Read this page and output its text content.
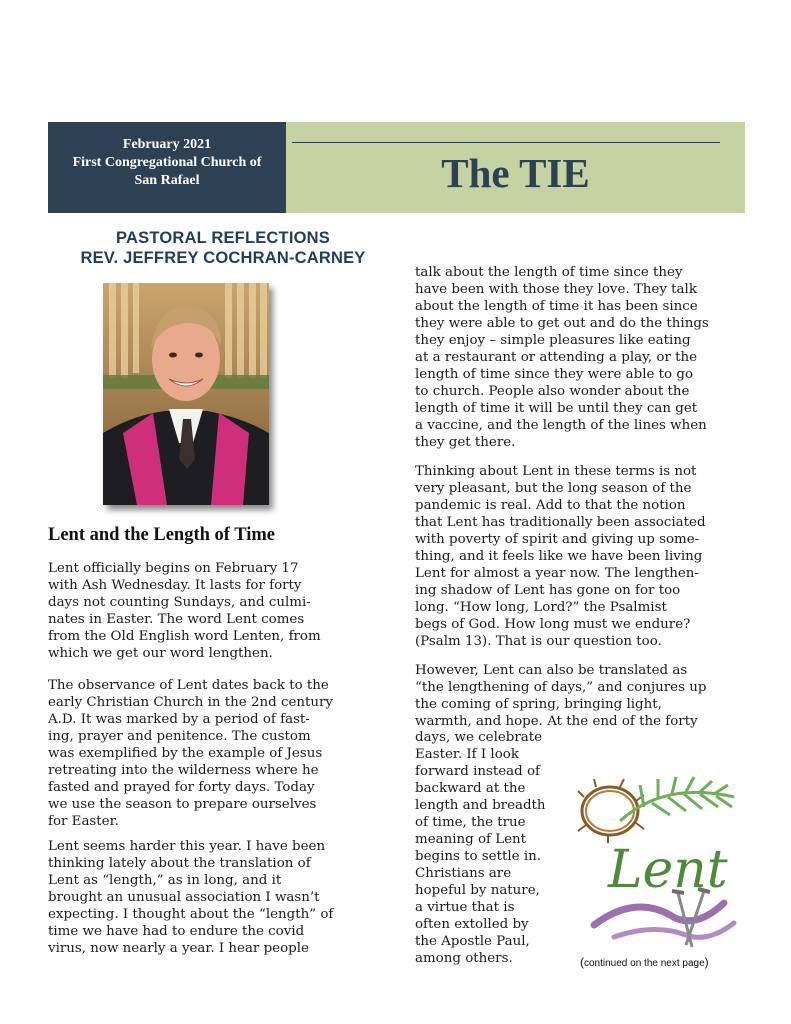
February 2021
First Congregational Church of
San Rafael	The TIE
PASTORAL REFLECTIONS
REV. JEFFREY COCHRAN-CARNEY
Lent and the Length of Time

Lent officially begins on February 17
with Ash Wednesday. It lasts for forty
days not counting Sundays, and culmi-
nates in Easter. The word Lent comes
from the Old English word Lenten, from
which we get our word lengthen.

The observance of Lent dates back to the
early Christian Church in the 2nd century
A.D. It was marked by a period of fast-
ing, prayer and penitence. The custom
was exemplified by the example of Jesus
retreating into the wilderness where he
fasted and prayed for forty days. Today
we use the season to prepare ourselves
for Easter.

Lent seems harder this year. I have been
thinking lately about the translation of
Lent as “length,” as in long, and it
brought an unusual association I wasn’t
expecting. I thought about the “length” of
time we have had to endure the covid
virus, now nearly a year. I hear people

talk about the length of time since they
have been with those they love. They talk
about the length of time it has been since
they were able to get out and do the things
they enjoy – simple pleasures like eating
at a restaurant or attending a play, or the
length of time since they were able to go
to church. People also wonder about the
length of time it will be until they can get
a vaccine, and the length of the lines when
they get there.

Thinking about Lent in these terms is not
very pleasant, but the long season of the
pandemic is real. Add to that the notion
that Lent has traditionally been associated
with poverty of spirit and giving up some-
thing, and it feels like we have been living
Lent for almost a year now. The lengthen-
ing shadow of Lent has gone on for too
long. “How long, Lord?” the Psalmist
begs of God. How long must we endure?
(Psalm 13). That is our question too.

However, Lent can also be translated as
“the lengthening of days,” and conjures up
the coming of spring, bringing light,
warmth, and hope. At the end of the forty

days, we celebrate
Easter. If I look
forward instead of
backward at the
length and breadth
of time, the true
meaning of Lent
begins to settle in.
Christians are
hopeful by nature,
a virtue that is
often extolled by
the Apostle Paul,
among others.

Lent
(continued on the next page)
